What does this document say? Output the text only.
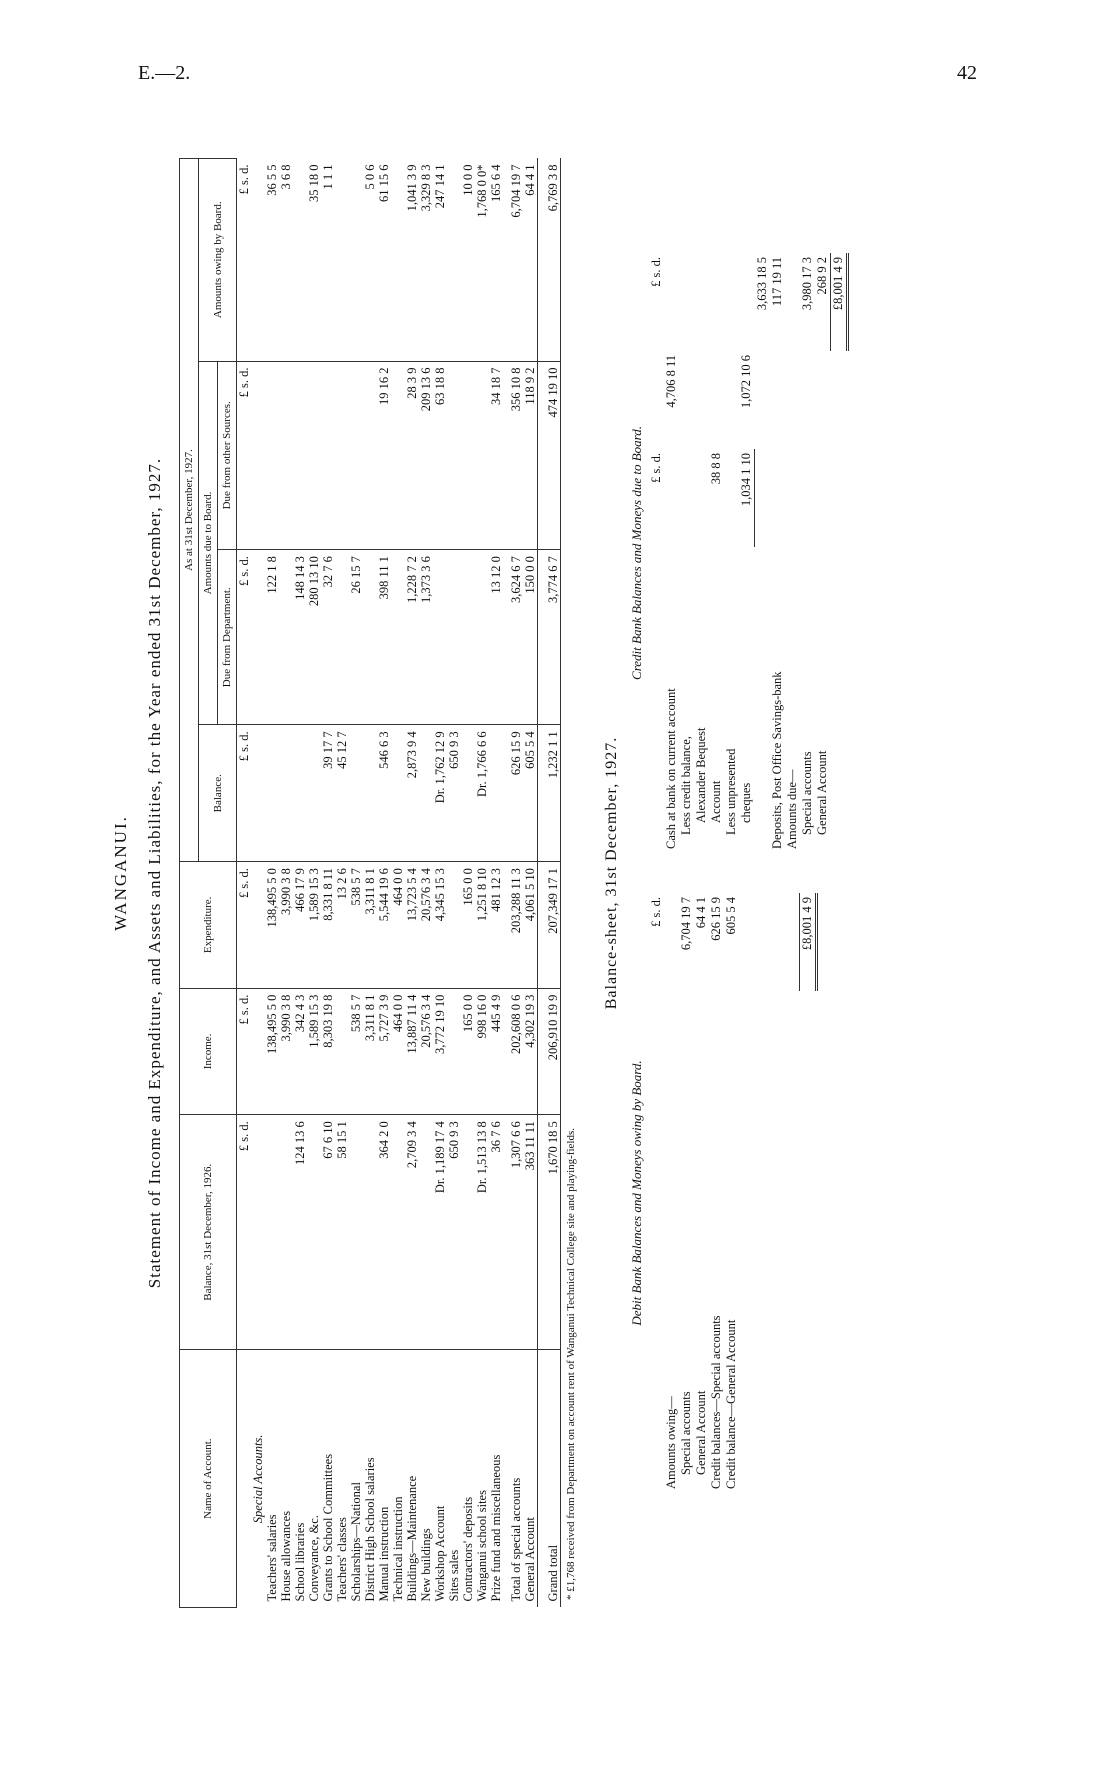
E.—2.	42
WANGANUI. Statement of Income and Expenditure, and Assets and Liabilities, for the Year ended 31st December, 1927.
Name of Account.	Balance, 31st December, 1926.	Income.	Expenditure.	As at 31st December, 1927.			
				Balance.	Amounts due to Board.		Amounts owing by Board.
					Due from Department.	Due from other Sources.	
	£ s. d.	£ s. d.	£ s. d.	£ s. d.	£ s. d.	£ s. d.	£ s. d.
Special Accounts.							
Teachers' salaries		138,495 5 0	138,495 5 0		122 1 8		36 5 5
House allowances		3,990 3 8	3,990 3 8				3 6 8
School libraries	124 13 6	342 4 3	466 17 9		148 14 3		
Conveyance, &c.		1,589 15 3	1,589 15 3		280 13 10		35 18 0
Grants to School Committees	67 6 10	8,303 19 8	8,331 8 11	39 17 7	32 7 6		1 1 1
Teachers' classes	58 15 1		13 2 6	45 12 7			
Scholarships—National		538 5 7	538 5 7		26 15 7		
District High School salaries		3,311 8 1	3,311 8 1				5 0 6
Manual instruction	364 2 0	5,727 3 9	5,544 19 6	546 6 3	398 11 1	19 16 2	61 15 6
Technical instruction		464 0 0	464 0 0				
Buildings—Maintenance	2,709 3 4	13,887 11 4	13,723 5 4	2,873 9 4	1,228 7 2	28 3 9	1,041 3 9
New buildings		20,576 3 4	20,576 3 4		1,373 3 6	209 13 6	3,329 8 3
Workshop Account	Dr. 1,189 17 4	3,772 19 10	4,345 15 3	Dr. 1,762 12 9		63 18 8	247 14 1
Sites sales	650 9 3			650 9 3			
Contractors' deposits		165 0 0	165 0 0				10 0 0
Wanganui school sites	Dr. 1,513 13 8	998 16 0	1,251 8 10	Dr. 1,766 6 6			1,768 0 0*
Prize fund and miscellaneous	36 7 6	445 4 9	481 12 3		13 12 0	34 18 7	165 6 4
Total of special accounts	1,307 6 6	202,608 0 6	203,288 11 3	626 15 9	3,624 6 7	356 10 8	6,704 19 7
General Account	363 11 11	4,302 19 3	4,061 5 10	605 5 4	150 0 0	118 9 2	64 4 1
Grand total	1,670 18 5	206,910 19 9	207,349 17 1	1,232 1 1	3,774 6 7	474 19 10	6,769 3 8
* £1,768 received from Department on account rent of Wanganui Technical College site and playing-fields.
Balance-sheet, 31st December, 1927.
Debit Bank Balances and Moneys owing by Board.
	£ s. d.
Amounts owing—	
Special accounts	6,704 19 7
General Account	64 4 1
Credit balances—Special accounts	626 15 9
Credit balance—General Account	605 5 4

	£8,001 4 9
Credit Bank Balances and Moneys due to Board.
	£ s. d.		£ s. d.
Cash at bank on current account		4,706 8 11	
Less credit balance,			
Alexander Bequest			
Account	38 8 8		
Less unpresented			
cheques	1,034 1 10	1,072 10 6	
			3,633 18 5
Deposits, Post Office Savings-bank			117 19 11
Amounts due—			
Special accounts			3,980 17 3
General Account			268 9 2
			£8,001 4 9
